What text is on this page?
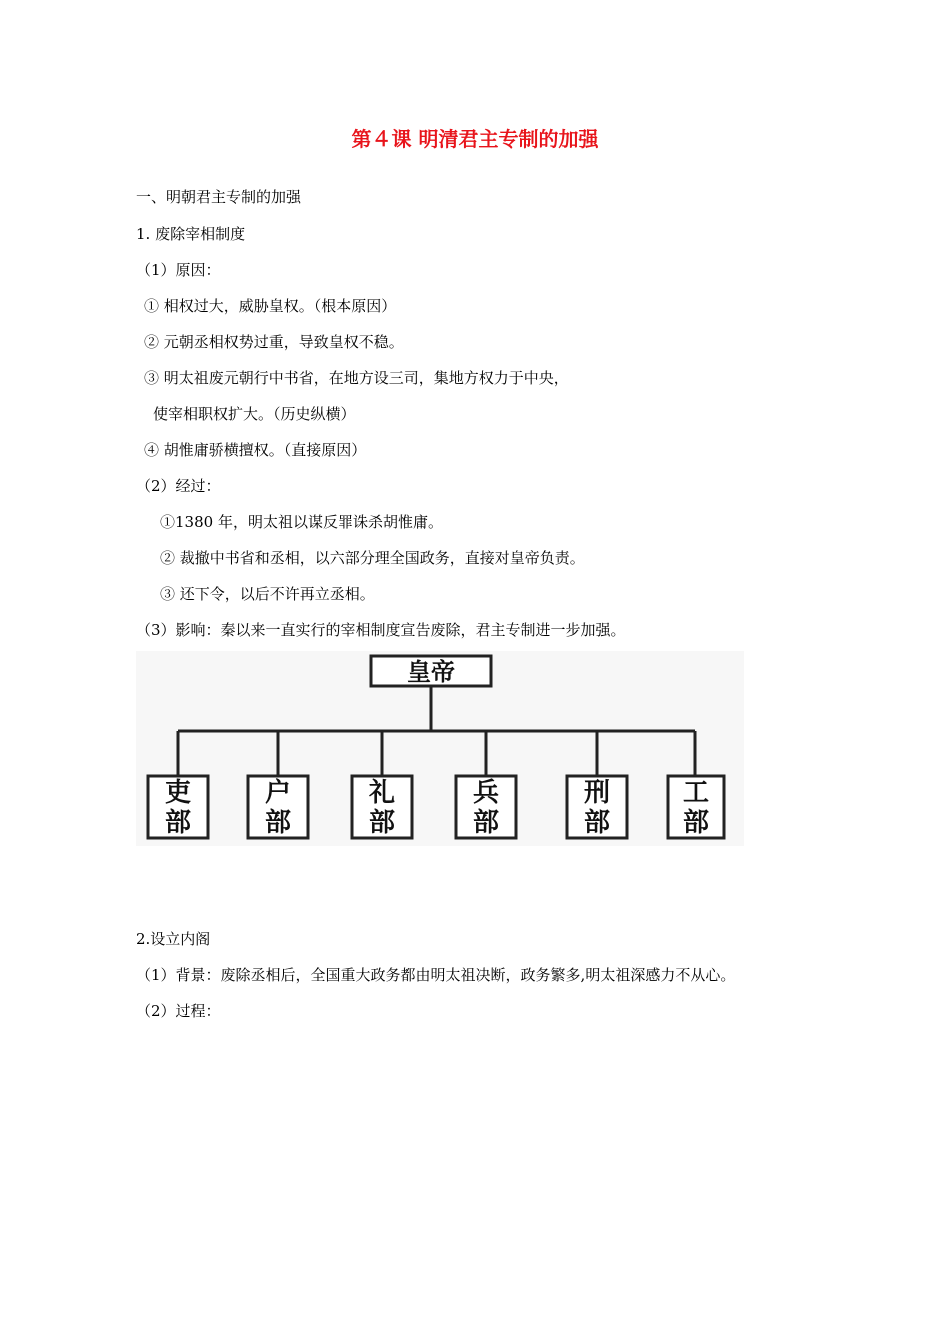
第４课 明清君主专制的加强
一、明朝君主专制的加强
1. 废除宰相制度
（1）原因：
① 相权过大，威胁皇权。（根本原因）
② 元朝丞相权势过重，导致皇权不稳。
③ 明太祖废元朝行中书省，在地方设三司，集地方权力于中央，
使宰相职权扩大。（历史纵横）
④ 胡惟庸骄横擅权。（直接原因）
（2）经过：
①1380 年，明太祖以谋反罪诛杀胡惟庸。
② 裁撤中书省和丞相，以六部分理全国政务，直接对皇帝负责。
③ 还下令，以后不许再立丞相。
（3）影响：秦以来一直实行的宰相制度宣告废除，君主专制进一步加强。
皇帝
吏
部
户
部
礼
部
兵
部
刑
部
工
部
2.设立内阁
（1）背景：废除丞相后，全国重大政务都由明太祖决断，政务繁多,明太祖深感力不从心。
（2）过程：
